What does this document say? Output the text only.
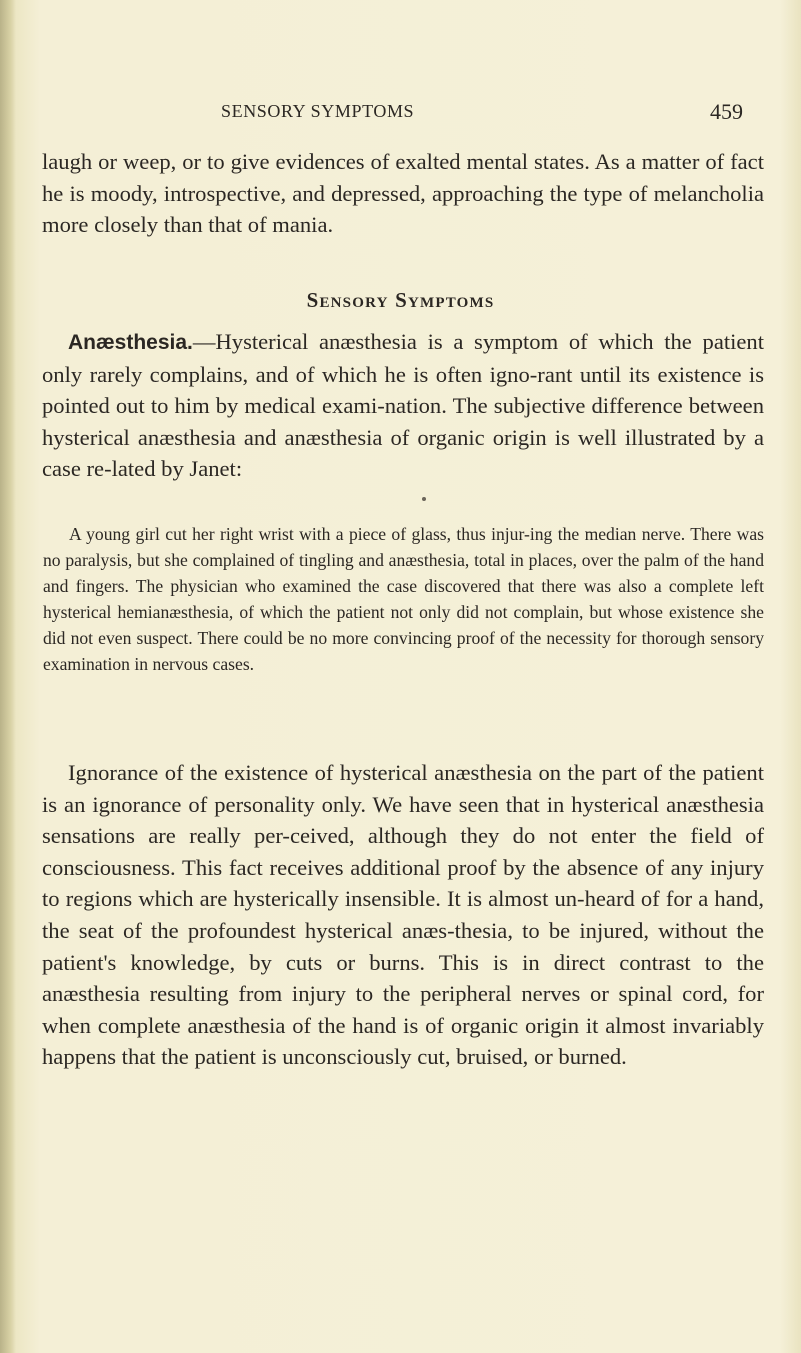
SENSORY SYMPTOMS	459

laugh or weep, or to give evidences of exalted mental states. As a matter of fact he is moody, introspective, and depressed, approaching the type of melancholia more closely than that of mania.

Sensory Symptoms

Anæsthesia.—Hysterical anæsthesia is a symptom of which the patient only rarely complains, and of which he is often igno-rant until its existence is pointed out to him by medical exami-nation. The subjective difference between hysterical anæsthesia and anæsthesia of organic origin is well illustrated by a case re-lated by Janet:

A young girl cut her right wrist with a piece of glass, thus injur-ing the median nerve. There was no paralysis, but she complained of tingling and anæsthesia, total in places, over the palm of the hand and fingers. The physician who examined the case discovered that there was also a complete left hysterical hemianæsthesia, of which the patient not only did not complain, but whose existence she did not even suspect. There could be no more convincing proof of the necessity for thorough sensory examination in nervous cases.

Ignorance of the existence of hysterical anæsthesia on the part of the patient is an ignorance of personality only. We have seen that in hysterical anæsthesia sensations are really per-ceived, although they do not enter the field of consciousness. This fact receives additional proof by the absence of any injury to regions which are hysterically insensible. It is almost un-heard of for a hand, the seat of the profoundest hysterical anæs-thesia, to be injured, without the patient's knowledge, by cuts or burns. This is in direct contrast to the anæsthesia resulting from injury to the peripheral nerves or spinal cord, for when complete anæsthesia of the hand is of organic origin it almost invariably happens that the patient is unconsciously cut, bruised, or burned.
